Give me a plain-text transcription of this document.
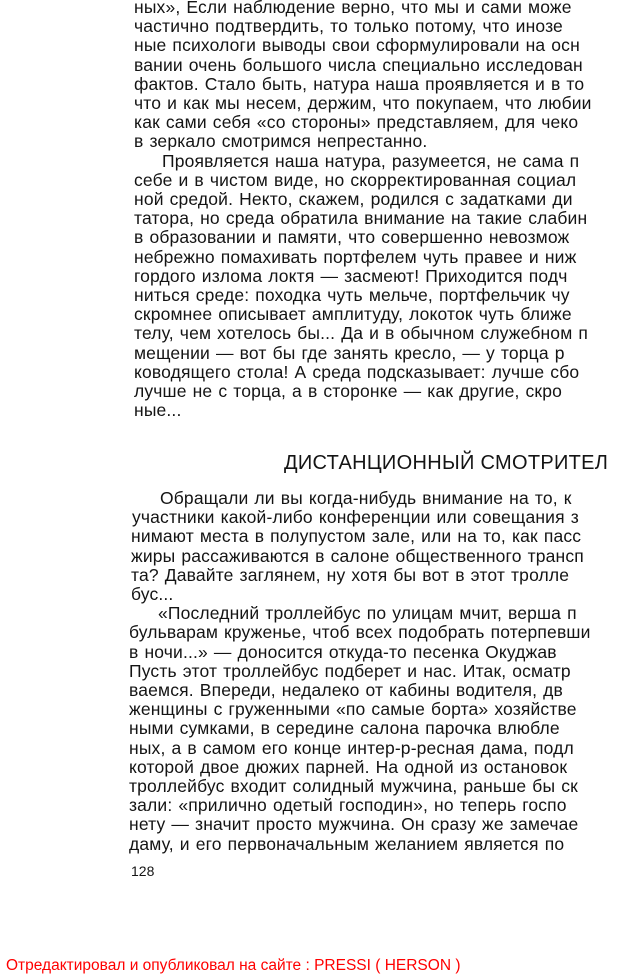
ных», Если наблюдение верно, что мы и сами може
частично подтвердить, то только потому, что инозе
ные психологи выводы свои сформулировали на осн
вании очень большого числа специально исследован
фактов. Стало быть, натура наша проявляется и в то
что и как мы несем, держим, что покупаем, что любии
как сами себя «со стороны» представляем, для чеко
в зеркало смотримся непрестанно.
Проявляется наша натура, разумеется, не сама п
себе и в чистом виде, но скорректированная социал
ной средой. Некто, скажем, родился с задатками ди
татора, но среда обратила внимание на такие слабин
в образовании и памяти, что совершенно невозмож
небрежно помахивать портфелем чуть правее и ниж
гордого излома локтя — засмеют! Приходится подч
ниться среде: походка чуть мельче, портфельчик чу
скромнее описывает амплитуду, локоток чуть ближе
телу, чем хотелось бы... Да и в обычном служебном п
мещении — вот бы где занять кресло, — у торца р
ководящего стола! А среда подсказывает: лучше сбо
лучше не с торца, а в сторонке — как другие, скро
ные...
ДИСТАНЦИОННЫЙ СМОТРИТЕЛ
Обращали ли вы когда-нибудь внимание на то, к
участники какой-либо конференции или совещания з
нимают места в полупустом зале, или на то, как пасс
жиры рассаживаются в салоне общественного трансп
та? Давайте заглянем, ну хотя бы вот в этот тролле
бус...
«Последний троллейбус по улицам мчит, верша п
бульварам круженье, чтоб всех подобрать потерпевши
в ночи...» — доносится откуда-то песенка Окуджав
Пусть этот троллейбус подберет и нас. Итак, осматр
ваемся. Впереди, недалеко от кабины водителя, дв
женщины с груженными «по самые борта» хозяйстве
ными сумками, в середине салона парочка влюбле
ных, а в самом его конце интер-р-ресная дама, подл
которой двое дюжих парней. На одной из остановок
троллейбус входит солидный мужчина, раньше бы ск
зали: «прилично одетый господин», но теперь госпо
нету — значит просто мужчина. Он сразу же замечае
даму, и его первоначальным желанием является по
128
Отредактировал и опубликовал на сайте : PRESSI ( HERSON )
